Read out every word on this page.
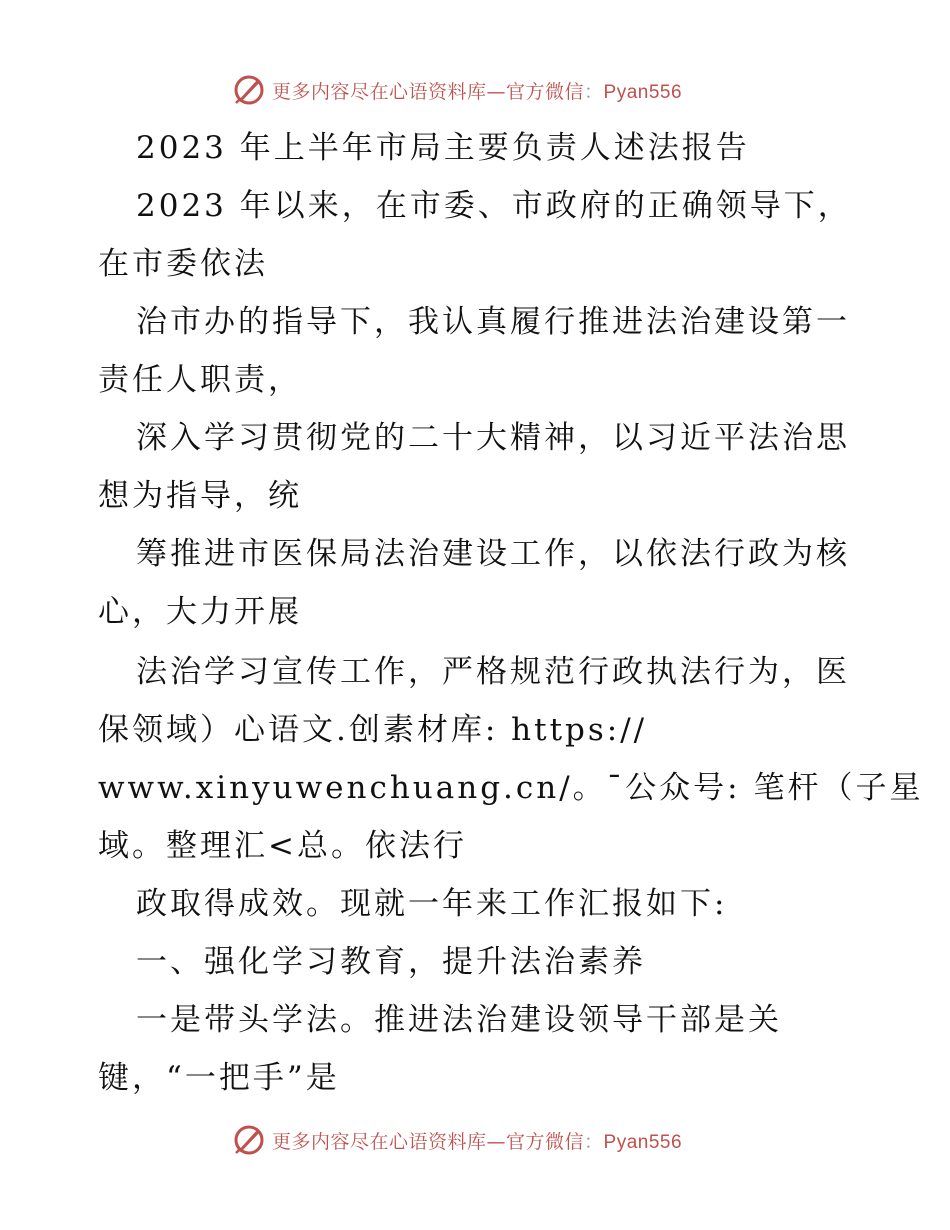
更多内容尽在心语资料库—官方微信：Pyan556
2023 年上半年市局主要负责人述法报告
2023 年以来，在市委、市政府的正确领导下，
在市委依法
治市办的指导下，我认真履行推进法治建设第一
责任人职责，
深入学习贯彻党的二十大精神，以习近平法治思
想为指导，统
筹推进市医保局法治建设工作，以依法行政为核
心，大力开展
法治学习宣传工作，严格规范行政执法行为，医
保领域）心语文.创素材库: https://
www.xinyuwenchuang.cn/。¯公众号: 笔杆（子星
域。整理汇<总。依法行
政取得成效。现就一年来工作汇报如下:
一、强化学习教育，提升法治素养
一是带头学法。推进法治建设领导干部是关
键，“一把手”是
更多内容尽在心语资料库—官方微信：Pyan556
